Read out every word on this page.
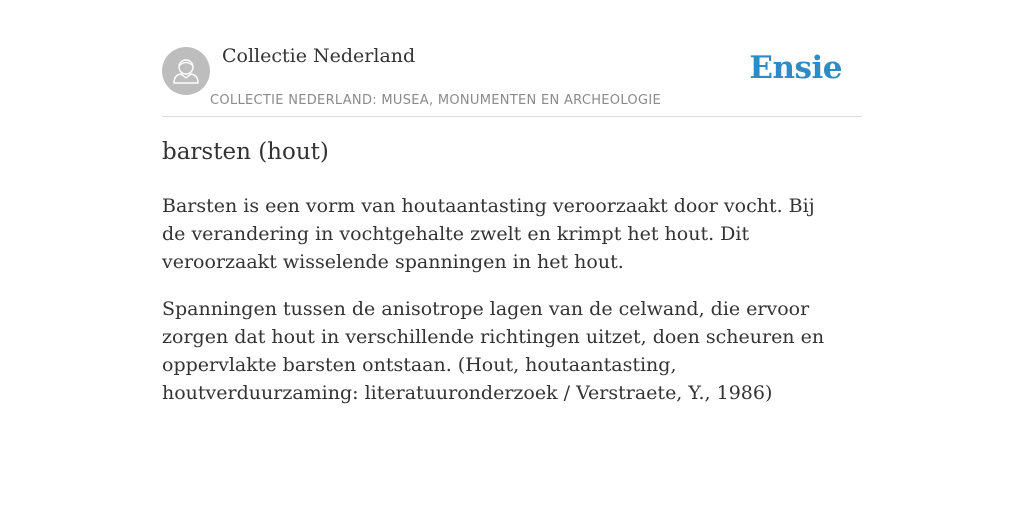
Collectie Nederland
COLLECTIE NEDERLAND: MUSEA, MONUMENTEN EN ARCHEOLOGIE
Ensie
barsten (hout)

Barsten is een vorm van houtaantasting veroorzaakt door vocht. Bij de verandering in vochtgehalte zwelt en krimpt het hout. Dit veroorzaakt wisselende spanningen in het hout.

Spanningen tussen de anisotrope lagen van de celwand, die ervoor zorgen dat hout in verschillende richtingen uitzet, doen scheuren en oppervlakte barsten ontstaan. (Hout, houtaantasting, houtverduurzaming: literatuuronderzoek / Verstraete, Y., 1986)
